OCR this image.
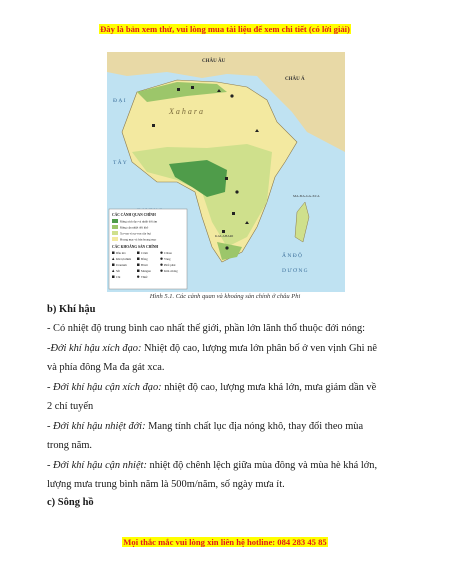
Đây là bản xem thử, vui lòng mua tài liệu để xem chi tiết (có lời giải)
CHÂU ÂU
CHÂU Á
X a h a r a
Đ Ạ I
T Â Y
Ấ N Đ Ộ
D Ư Ơ N G
MA-ĐA-GA-XCA
KALAHARI
CÁC CẢNH QUAN CHÍNH
Rừng xích đạo và nhiệt đới ẩm
Rừng cận nhiệt đới khô
Xa-van và xa-van cây bụi
Hoang mạc và bán hoang mạc
CÁC KHOÁNG SẢN CHÍNH
Dầu mỏ	Crôm	Côban
Khí tự nhiên	Đồng	Vàng
Uranium	Bôxít	Phốt phát
Sắt	Mangan	Kim cương
Chì	Thiếc
Hình 5.1. Các cảnh quan và khoáng sản chính ở châu Phi
b) Khí hậu
- Có nhiệt độ trung bình cao nhất thế giới, phần lớn lãnh thổ thuộc đới nóng:
-Đới khí hậu xích đạo: Nhiệt độ cao, lượng mưa lớn phân bố ở ven vịnh Ghi nê
và phía đông Ma đa gát xca.
- Đới khí hậu cận xích đạo: nhiệt độ cao, lượng mưa khá lớn, mưa giảm dần về
2 chí tuyến
- Đới khí hậu nhiệt đới: Mang tính chất lục địa nóng khô, thay đổi theo mùa
trong năm.
- Đới khí hậu cận nhiệt: nhiệt độ chênh lệch giữa mùa đông và mùa hè khá lớn,
lượng mưa trung bình năm là 500m/năm, số ngày mưa ít.
c) Sông hồ
Mọi thắc mắc vui lòng xin liên hệ hotline: 084 283 45 85
